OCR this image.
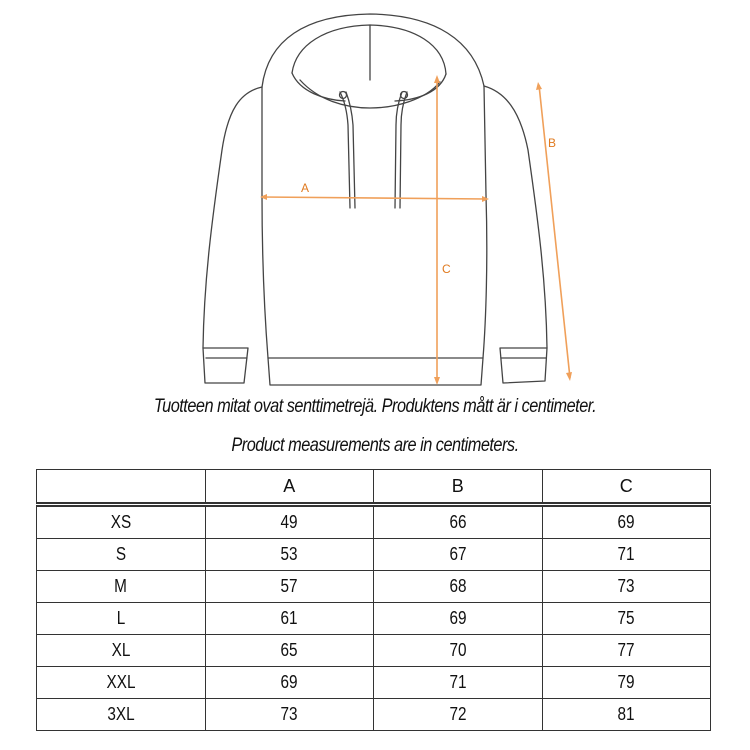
A
C
B
Tuotteen mitat ovat senttimetrejä. Produktens mått är i centimeter.
Product measurements are in centimeters.
	A	B	C
XS	49	66	69
S	53	67	71
M	57	68	73
L	61	69	75
XL	65	70	77
XXL	69	71	79
3XL	73	72	81
